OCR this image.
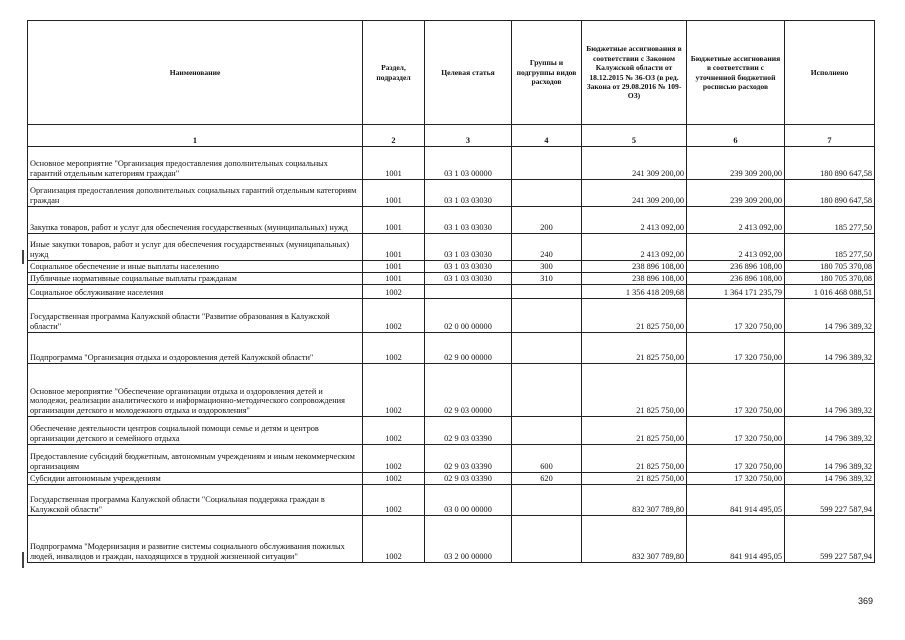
Наименование	Раздел, подраздел	Целевая статья	Группы и подгруппы видов расходов	Бюджетные ассигнования в соответствии с Законом Калужской области от 18.12.2015 № 36-ОЗ (в ред. Закона от 29.08.2016 № 109-ОЗ)	Бюджетные ассигнования в соответствии с уточненной бюджетной росписью расходов	Исполнено
1	2	3	4	5	6	7
Основное мероприятие "Организация предоставления дополнительных социальных гарантий отдельным категориям граждан"	1001	03 1 03 00000		241 309 200,00	239 309 200,00	180 890 647,58
Организация предоставления дополнительных социальных гарантий отдельным категориям граждан	1001	03 1 03 03030		241 309 200,00	239 309 200,00	180 890 647,58
Закупка товаров, работ и услуг для обеспечения государственных (муниципальных) нужд	1001	03 1 03 03030	200	2 413 092,00	2 413 092,00	185 277,50
Иные закупки товаров, работ и услуг для обеспечения государственных (муниципальных) нужд	1001	03 1 03 03030	240	2 413 092,00	2 413 092,00	185 277,50
Социальное обеспечение и иные выплаты населению	1001	03 1 03 03030	300	238 896 108,00	236 896 108,00	180 705 370,08
Публичные нормативные социальные выплаты гражданам	1001	03 1 03 03030	310	238 896 108,00	236 896 108,00	180 705 370,08
Социальное обслуживание населения	1002			1 356 418 209,68	1 364 171 235,79	1 016 468 088,51
Государственная программа Калужской области "Развитие образования в Калужской области"	1002	02 0 00 00000		21 825 750,00	17 320 750,00	14 796 389,32
Подпрограмма "Организация отдыха и оздоровления детей Калужской области"	1002	02 9 00 00000		21 825 750,00	17 320 750,00	14 796 389,32
Основное мероприятие "Обеспечение организации отдыха и оздоровления детей и молодежи, реализации аналитического и информационно-методического сопровождения организации детского и молодежного отдыха и оздоровления"	1002	02 9 03 00000		21 825 750,00	17 320 750,00	14 796 389,32
Обеспечение деятельности центров социальной помощи семье и детям и центров организации детского и семейного отдыха	1002	02 9 03 03390		21 825 750,00	17 320 750,00	14 796 389,32
Предоставление субсидий бюджетным, автономным учреждениям и иным некоммерческим организациям	1002	02 9 03 03390	600	21 825 750,00	17 320 750,00	14 796 389,32
Субсидии автономным учреждениям	1002	02 9 03 03390	620	21 825 750,00	17 320 750,00	14 796 389,32
Государственная программа Калужской области "Социальная поддержка граждан в Калужской области"	1002	03 0 00 00000		832 307 789,80	841 914 495,05	599 227 587,94
Подпрограмма "Модернизация и развитие системы социального обслуживания пожилых людей, инвалидов и граждан, находящихся в трудной жизненной ситуации"	1002	03 2 00 00000		832 307 789,80	841 914 495,05	599 227 587,94
369
